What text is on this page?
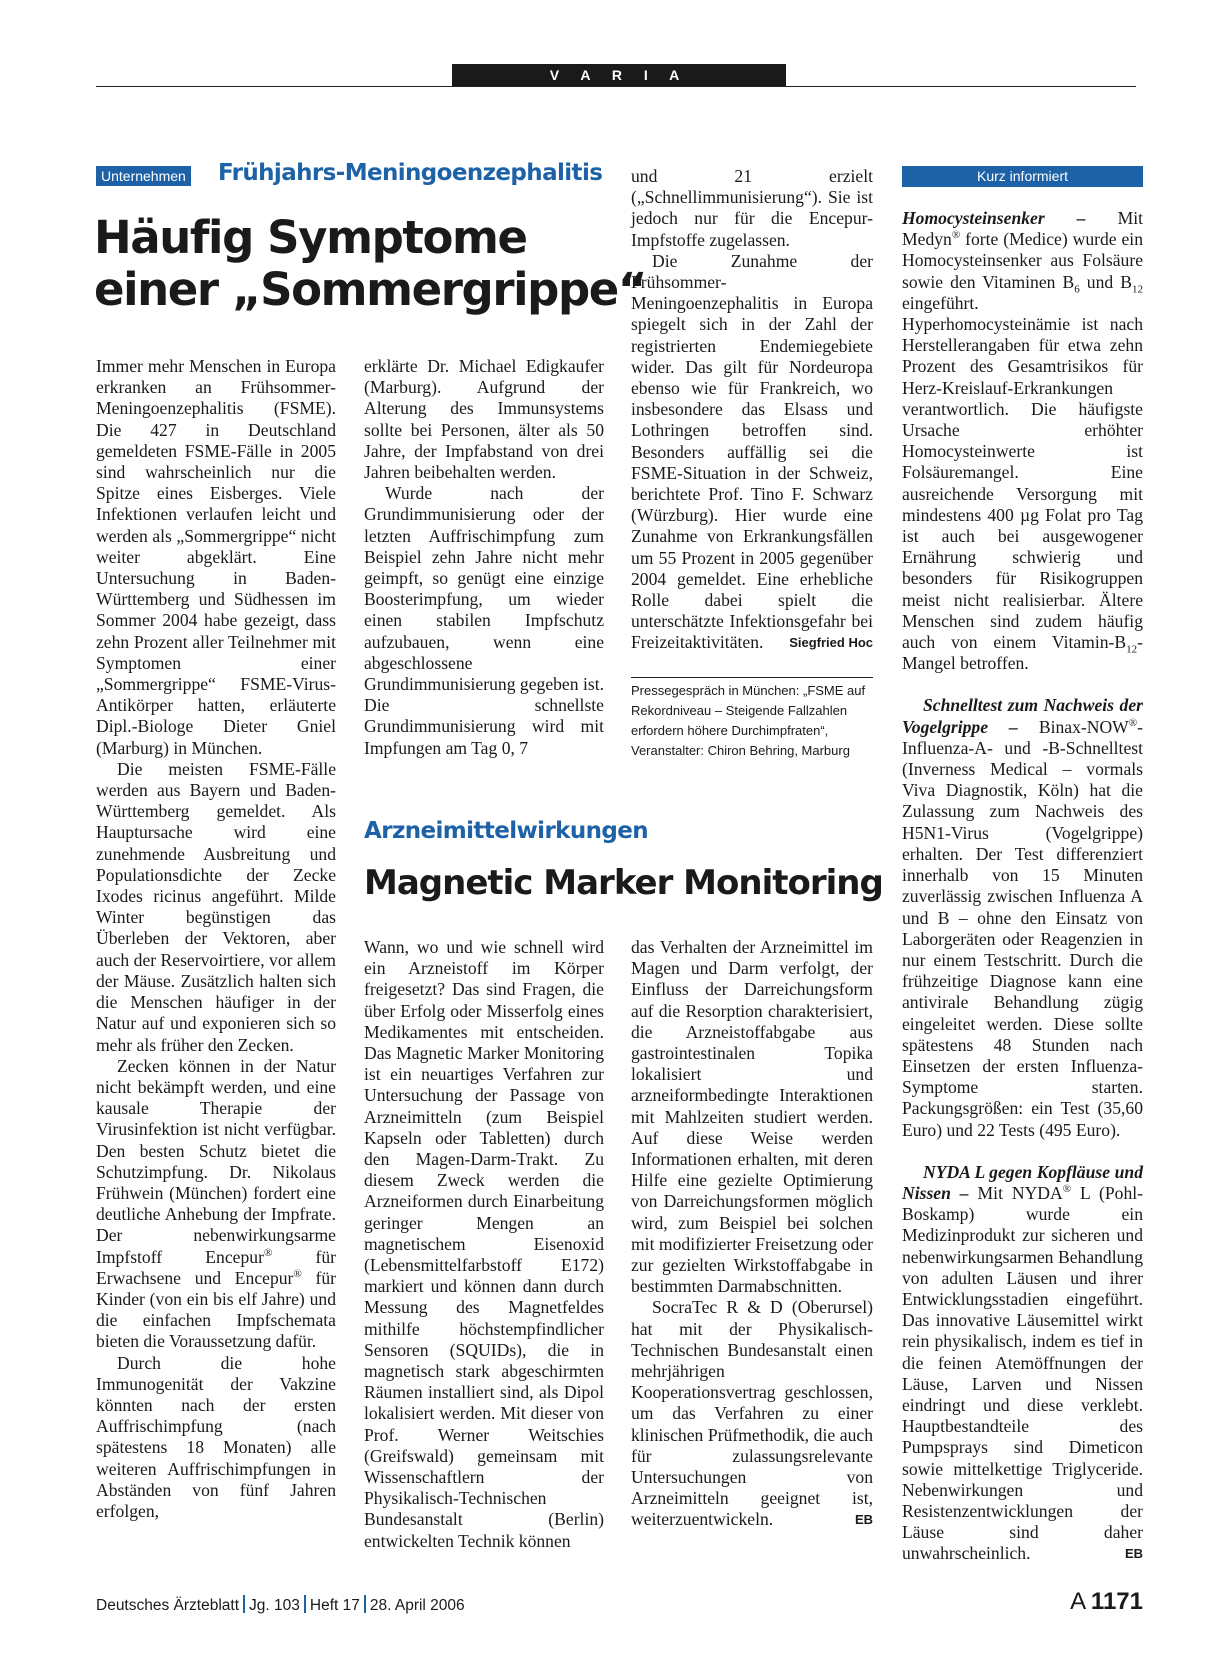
V A R I A
Unternehmen Frühjahrs-Meningoenzephalitis
Häufig Symptome
einer „Sommergrippe“

Immer mehr Menschen in Europa erkranken an Frühsommer-Meningoenzephalitis (FSME). Die 427 in Deutschland gemeldeten FSME-Fälle in 2005 sind wahrscheinlich nur die Spitze eines Eisberges. Viele Infektionen verlaufen leicht und werden als „Sommergrippe“ nicht weiter abgeklärt. Eine Untersuchung in Baden-Württemberg und Südhessen im Sommer 2004 habe gezeigt, dass zehn Prozent aller Teilnehmer mit Symptomen einer „Sommergrippe“ FSME-Virus-Antikörper hatten, erläuterte Dipl.-Biologe Dieter Gniel (Marburg) in München.

Die meisten FSME-Fälle werden aus Bayern und Baden-Württemberg gemeldet. Als Hauptursache wird eine zunehmende Ausbreitung und Populationsdichte der Zecke Ixodes ricinus angeführt. Milde Winter begünstigen das Überleben der Vektoren, aber auch der Reservoirtiere, vor allem der Mäuse. Zusätzlich halten sich die Menschen häufiger in der Natur auf und exponieren sich so mehr als früher den Zecken.

Zecken können in der Natur nicht bekämpft werden, und eine kausale Therapie der Virusinfektion ist nicht verfügbar. Den besten Schutz bietet die Schutzimpfung. Dr. Nikolaus Frühwein (München) fordert eine deutliche Anhebung der Impfrate. Der nebenwirkungsarme Impfstoff Encepur® für Erwachsene und Encepur® für Kinder (von ein bis elf Jahre) und die einfachen Impfschemata bieten die Voraussetzung dafür.

Durch die hohe Immunogenität der Vakzine könnten nach der ersten Auffrischimpfung (nach spätestens 18 Monaten) alle weiteren Auffrischimpfungen in Abständen von fünf Jahren erfolgen,

erklärte Dr. Michael Edigkaufer (Marburg). Aufgrund der Alterung des Immunsystems sollte bei Personen, älter als 50 Jahre, der Impfabstand von drei Jahren beibehalten werden.

Wurde nach der Grundimmunisierung oder der letzten Auffrischimpfung zum Beispiel zehn Jahre nicht mehr geimpft, so genügt eine einzige Boosterimpfung, um wieder einen stabilen Impfschutz aufzubauen, wenn eine abgeschlossene Grundimmunisierung gegeben ist. Die schnellste Grundimmunisierung wird mit Impfungen am Tag 0, 7

und 21 erzielt („Schnellimmunisierung“). Sie ist jedoch nur für die Encepur-Impfstoffe zugelassen.

Die Zunahme der Frühsommer-Meningoenzephalitis in Europa spiegelt sich in der Zahl der registrierten Endemiegebiete wider. Das gilt für Nordeuropa ebenso wie für Frankreich, wo insbesondere das Elsass und Lothringen betroffen sind. Besonders auffällig sei die FSME-Situation in der Schweiz, berichtete Prof. Tino F. Schwarz (Würzburg). Hier wurde eine Zunahme von Erkrankungsfällen um 55 Prozent in 2005 gegenüber 2004 gemeldet. Eine erhebliche Rolle dabei spielt die unterschätzte Infektionsgefahr bei Freizeitaktivitäten.	Siegfried Hoc

Pressegespräch in München: „FSME auf Rekordniveau – Steigende Fallzahlen erfordern höhere Durchimpfraten“, Veranstalter: Chiron Behring, Marburg
Arzneimittelwirkungen
Magnetic Marker Monitoring

Wann, wo und wie schnell wird ein Arzneistoff im Körper freigesetzt? Das sind Fragen, die über Erfolg oder Misserfolg eines Medikamentes mit entscheiden. Das Magnetic Marker Monitoring ist ein neuartiges Verfahren zur Untersuchung der Passage von Arzneimitteln (zum Beispiel Kapseln oder Tabletten) durch den Magen-Darm-Trakt. Zu diesem Zweck werden die Arzneiformen durch Einarbeitung geringer Mengen an magnetischem Eisenoxid (Lebensmittelfarbstoff E172) markiert und können dann durch Messung des Magnetfeldes mithilfe höchstempfindlicher Sensoren (SQUIDs), die in magnetisch stark abgeschirmten Räumen installiert sind, als Dipol lokalisiert werden. Mit dieser von Prof. Werner Weitschies (Greifswald) gemeinsam mit Wissenschaftlern der Physikalisch-Technischen Bundesanstalt (Berlin) entwickelten Technik können

das Verhalten der Arzneimittel im Magen und Darm verfolgt, der Einfluss der Darreichungsform auf die Resorption charakterisiert, die Arzneistoffabgabe aus gastrointestinalen Topika lokalisiert und arzneiformbedingte Interaktionen mit Mahlzeiten studiert werden. Auf diese Weise werden Informationen erhalten, mit deren Hilfe eine gezielte Optimierung von Darreichungsformen möglich wird, zum Beispiel bei solchen mit modifizierter Freisetzung oder zur gezielten Wirkstoffabgabe in bestimmten Darmabschnitten.

SocraTec R & D (Oberursel) hat mit der Physikalisch-Technischen Bundesanstalt einen mehrjährigen Kooperationsvertrag geschlossen, um das Verfahren zu einer klinischen Prüfmethodik, die auch für zulassungsrelevante Untersuchungen von Arzneimitteln geeignet ist, weiterzuentwickeln.	EB

Kurz informiert

Homocysteinsenker – Mit Medyn® forte (Medice) wurde ein Homocysteinsenker aus Folsäure sowie den Vitaminen $B_6$ und $B_{12}$ eingeführt. Hyperhomocysteinämie ist nach Herstellerangaben für etwa zehn Prozent des Gesamtrisikos für Herz-Kreislauf-Erkrankungen verantwortlich. Die häufigste Ursache erhöhter Homocysteinwerte ist Folsäuremangel. Eine ausreichende Versorgung mit mindestens 400 µg Folat pro Tag ist auch bei ausgewogener Ernährung schwierig und besonders für Risikogruppen meist nicht realisierbar. Ältere Menschen sind zudem häufig auch von einem Vitamin-$B_{12}$-Mangel betroffen.

Schnelltest zum Nachweis der Vogelgrippe – Binax-NOW®-Influenza-A- und -B-Schnelltest (Inverness Medical – vormals Viva Diagnostik, Köln) hat die Zulassung zum Nachweis des H5N1-Virus (Vogelgrippe) erhalten. Der Test differenziert innerhalb von 15 Minuten zuverlässig zwischen Influenza A und B – ohne den Einsatz von Laborgeräten oder Reagenzien in nur einem Testschritt. Durch die frühzeitige Diagnose kann eine antivirale Behandlung zügig eingeleitet werden. Diese sollte spätestens 48 Stunden nach Einsetzen der ersten Influenza-Symptome starten. Packungsgrößen: ein Test (35,60 Euro) und 22 Tests (495 Euro).

NYDA L gegen Kopfläuse und Nissen – Mit NYDA® L (Pohl-Boskamp) wurde ein Medizinprodukt zur sicheren und nebenwirkungsarmen Behandlung von adulten Läusen und ihrer Entwicklungsstadien eingeführt. Das innovative Läusemittel wirkt rein physikalisch, indem es tief in die feinen Atemöffnungen der Läuse, Larven und Nissen eindringt und diese verklebt. Hauptbestandteile des Pumpsprays sind Dimeticon sowie mittelkettige Triglyceride. Nebenwirkungen und Resistenzentwicklungen der Läuse sind daher unwahrscheinlich.	EB

Deutsches Ärzteblatt Jg. 103 Heft 17 28. April 2006	A  1171
